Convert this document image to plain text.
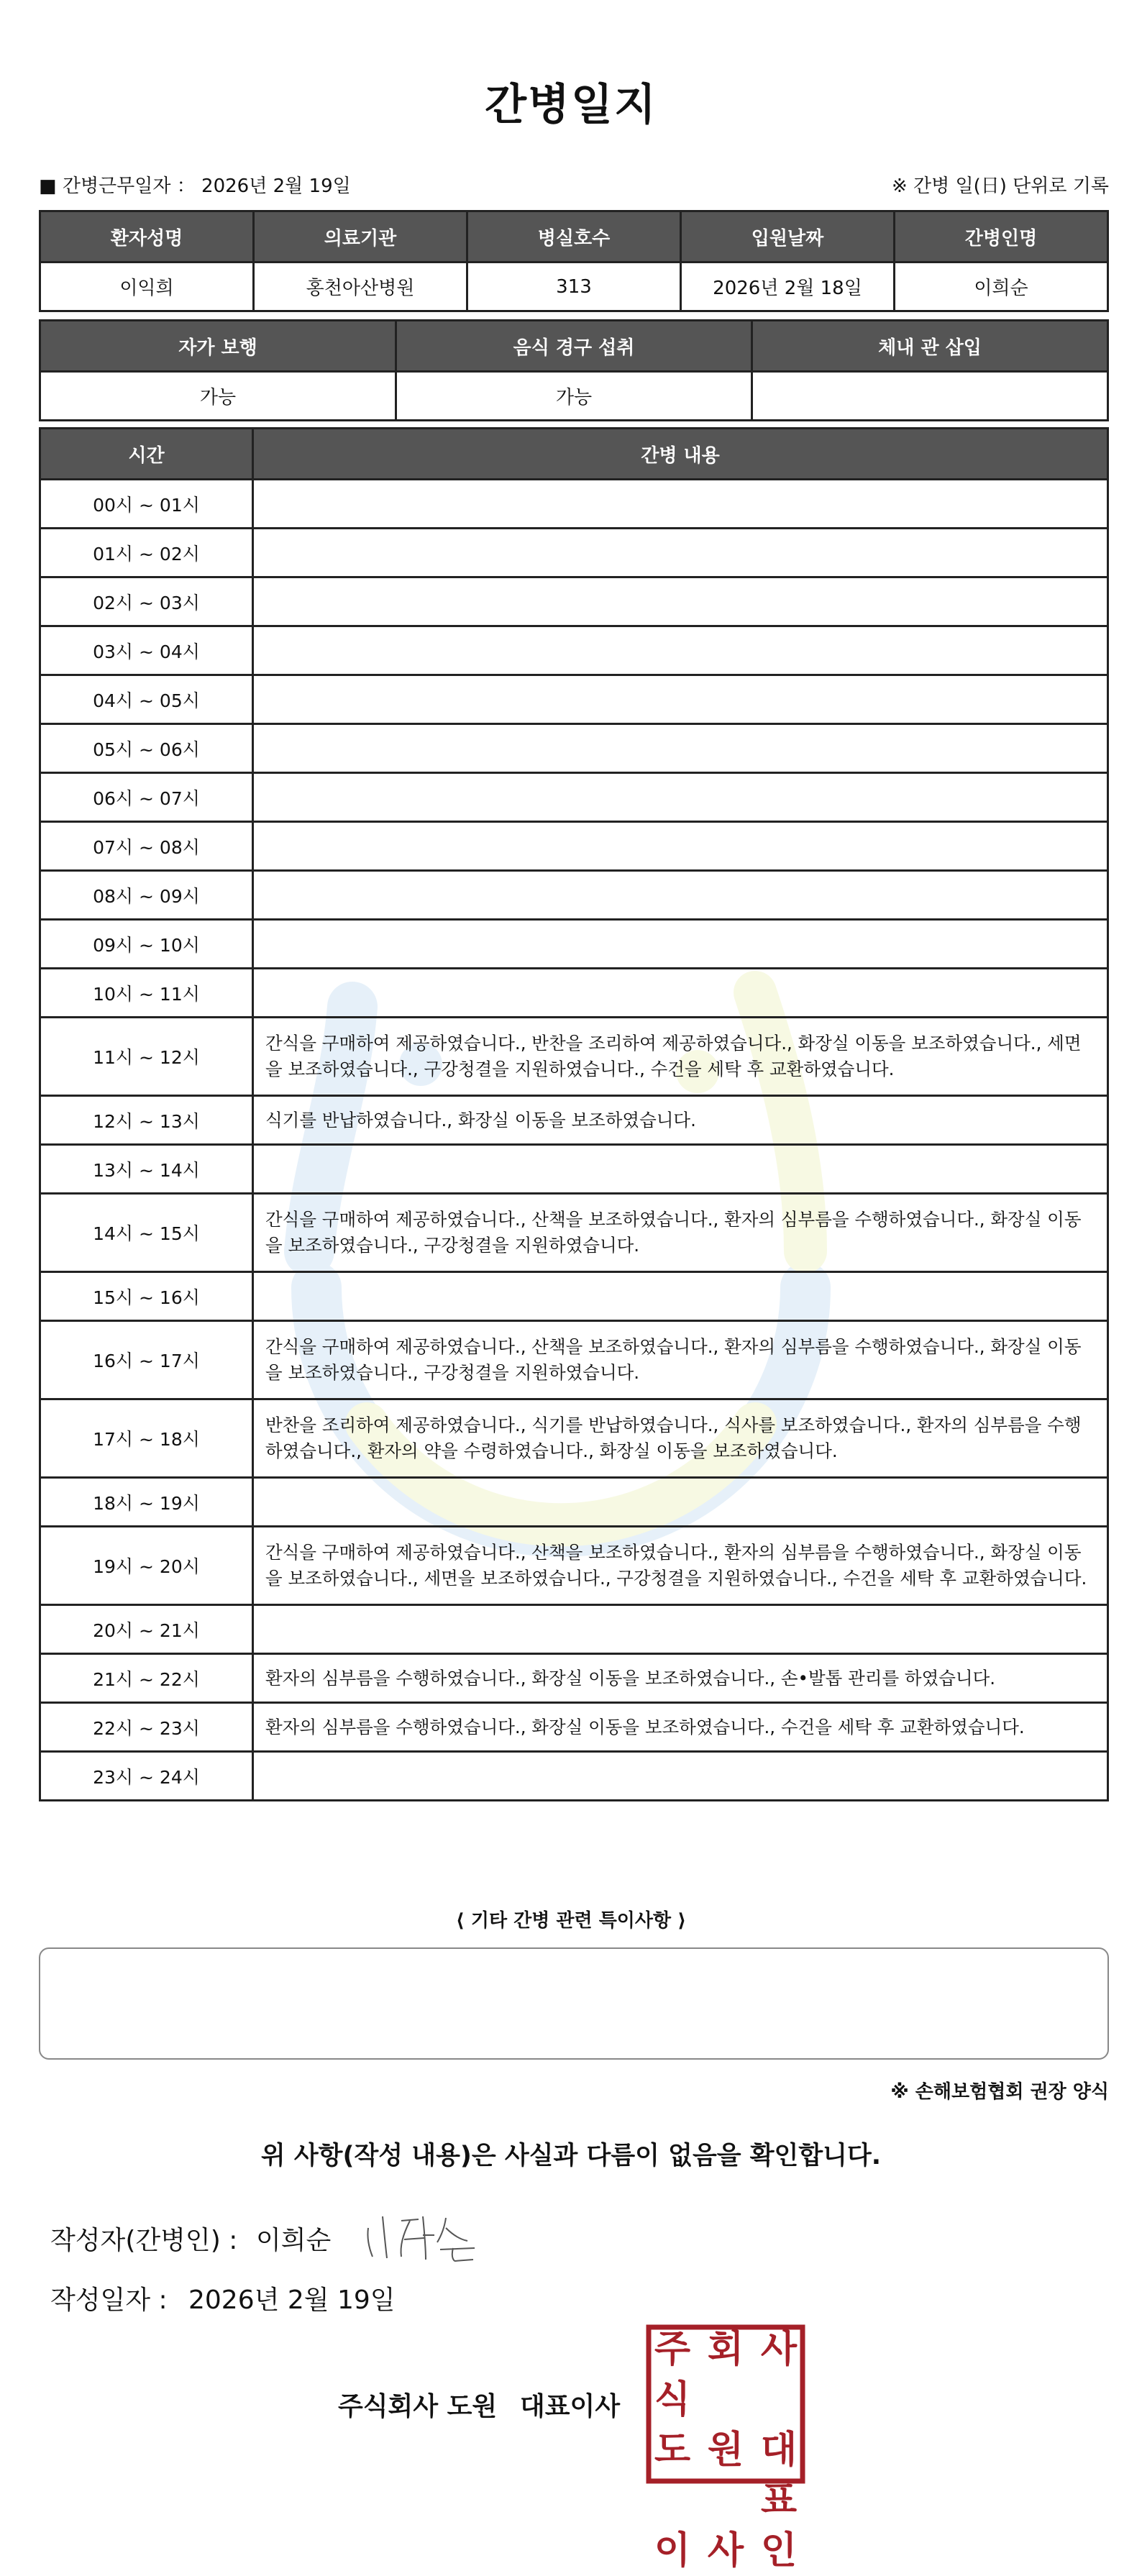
간병일지
■ 간병근무일자 ： 2026년 2월 19일	※ 간병 일(日) 단위로 기록
환자성명	의료기관	병실호수	입원날짜	간병인명
이익희	홍천아산병원	313	2026년 2월 18일	이희순
자가 보행	음식 경구 섭취	체내 관 삽입
가능	가능	
시간	간병 내용
00시 ~ 01시	
01시 ~ 02시	
02시 ~ 03시	
03시 ~ 04시	
04시 ~ 05시	
05시 ~ 06시	
06시 ~ 07시	
07시 ~ 08시	
08시 ~ 09시	
09시 ~ 10시	
10시 ~ 11시	
11시 ~ 12시	간식을 구매하여 제공하였습니다., 반찬을 조리하여 제공하였습니다., 화장실 이동을 보조하였습니다., 세면을 보조하였습니다., 구강청결을 지원하였습니다., 수건을 세탁 후 교환하였습니다.
12시 ~ 13시	식기를 반납하였습니다., 화장실 이동을 보조하였습니다.
13시 ~ 14시	
14시 ~ 15시	간식을 구매하여 제공하였습니다., 산책을 보조하였습니다., 환자의 심부름을 수행하였습니다., 화장실 이동을 보조하였습니다., 구강청결을 지원하였습니다.
15시 ~ 16시	
16시 ~ 17시	간식을 구매하여 제공하였습니다., 산책을 보조하였습니다., 환자의 심부름을 수행하였습니다., 화장실 이동을 보조하였습니다., 구강청결을 지원하였습니다.
17시 ~ 18시	반찬을 조리하여 제공하였습니다., 식기를 반납하였습니다., 식사를 보조하였습니다., 환자의 심부름을 수행하였습니다., 환자의 약을 수령하였습니다., 화장실 이동을 보조하였습니다.
18시 ~ 19시	
19시 ~ 20시	간식을 구매하여 제공하였습니다., 산책을 보조하였습니다., 환자의 심부름을 수행하였습니다., 화장실 이동을 보조하였습니다., 세면을 보조하였습니다., 구강청결을 지원하였습니다., 수건을 세탁 후 교환하였습니다.
20시 ~ 21시	
21시 ~ 22시	환자의 심부름을 수행하였습니다., 화장실 이동을 보조하였습니다., 손•발톱 관리를 하였습니다.
22시 ~ 23시	환자의 심부름을 수행하였습니다., 화장실 이동을 보조하였습니다., 수건을 세탁 후 교환하였습니다.
23시 ~ 24시	
⟨ 기타 간병 관련 특이사항 ⟩
※ 손해보험협회 권장 양식
위 사항(작성 내용)은 사실과 다름이 없음을 확인합니다.
작성자(간병인) : 이희순
작성일자 : 2026년 2월 19일
주식회사 도원 대표이사
주식
회 사
도 원 대표
이 사 인
